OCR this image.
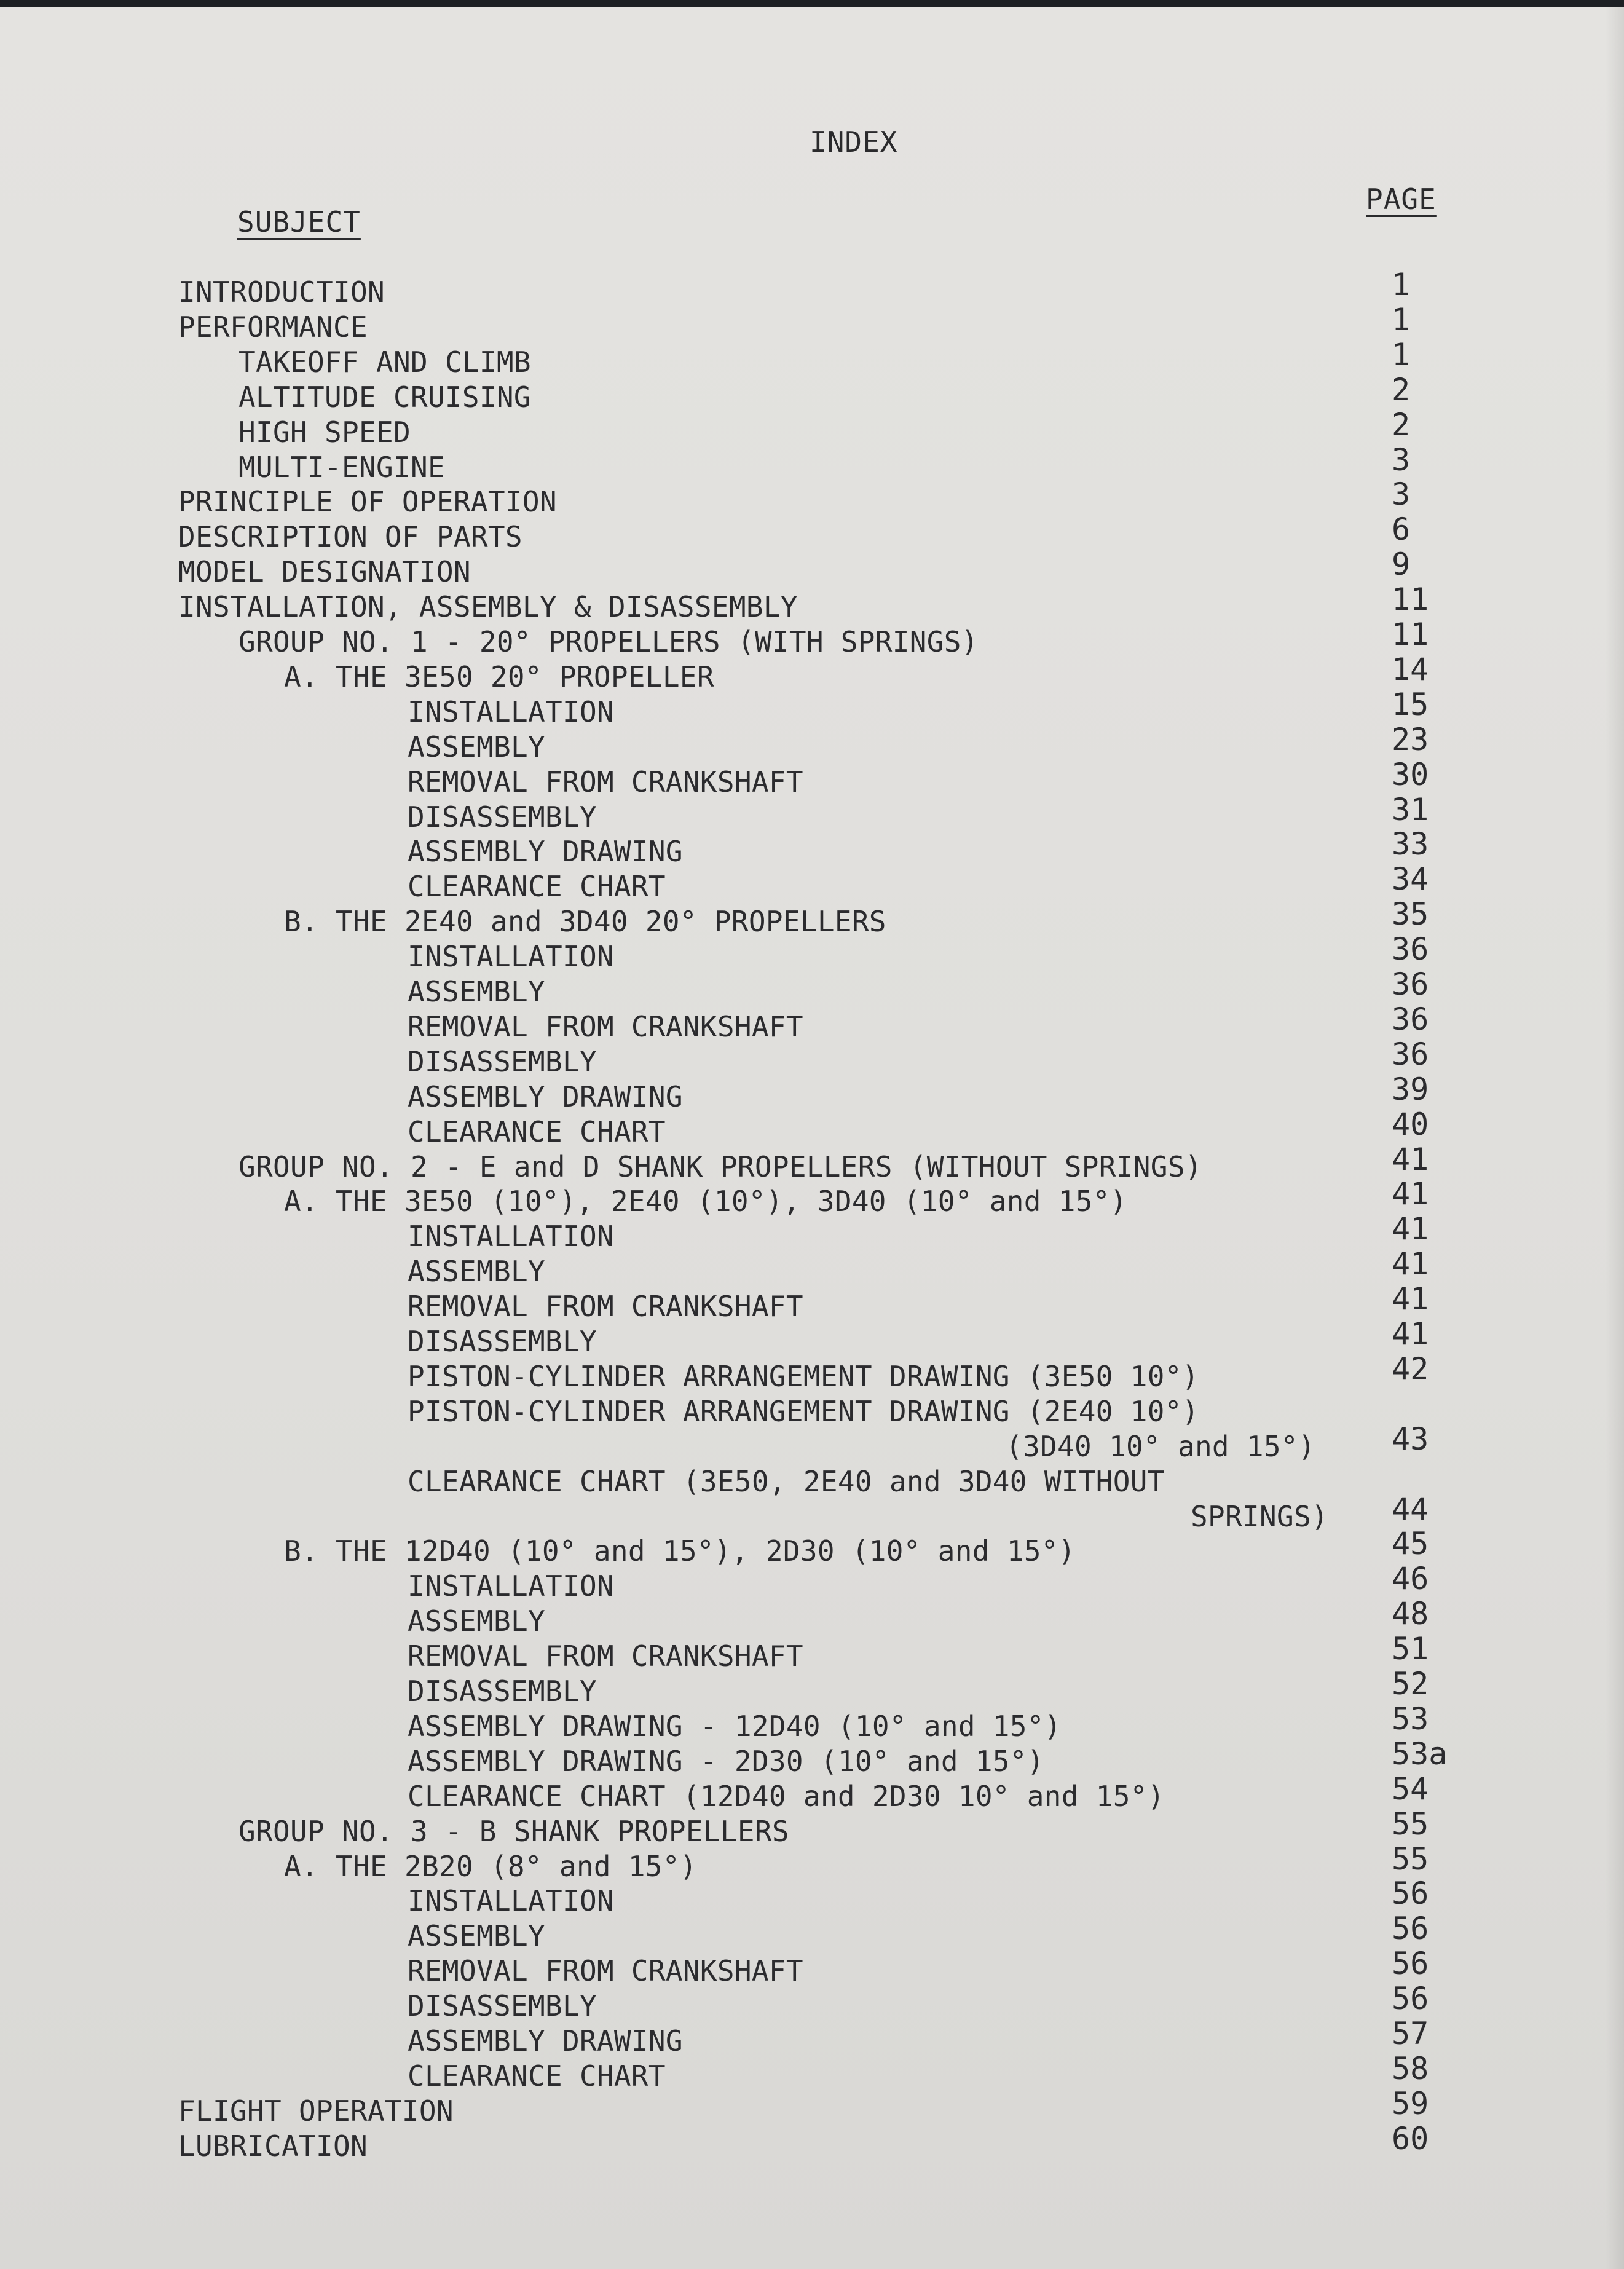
INDEX
SUBJECT
PAGE
INTRODUCTION	1
PERFORMANCE	1
TAKEOFF AND CLIMB	1
ALTITUDE CRUISING	2
HIGH SPEED	2
MULTI-ENGINE	3
PRINCIPLE OF OPERATION	3
DESCRIPTION OF PARTS	6
MODEL DESIGNATION	9
INSTALLATION, ASSEMBLY & DISASSEMBLY	11
GROUP NO. 1 - 20° PROPELLERS (WITH SPRINGS)	11
A. THE 3E50 20° PROPELLER	14
INSTALLATION	15
ASSEMBLY	23
REMOVAL FROM CRANKSHAFT	30
DISASSEMBLY	31
ASSEMBLY DRAWING	33
CLEARANCE CHART	34
B. THE 2E40 and 3D40 20° PROPELLERS	35
INSTALLATION	36
ASSEMBLY	36
REMOVAL FROM CRANKSHAFT	36
DISASSEMBLY	36
ASSEMBLY DRAWING	39
CLEARANCE CHART	40
GROUP NO. 2 - E and D SHANK PROPELLERS (WITHOUT SPRINGS)	41
A. THE 3E50 (10°), 2E40 (10°), 3D40 (10° and 15°)	41
INSTALLATION	41
ASSEMBLY	41
REMOVAL FROM CRANKSHAFT	41
DISASSEMBLY	41
PISTON-CYLINDER ARRANGEMENT DRAWING (3E50 10°)	42
PISTON-CYLINDER ARRANGEMENT DRAWING (2E40 10°)
(3D40 10° and 15°) 43
CLEARANCE CHART (3E50, 2E40 and 3D40 WITHOUT
SPRINGS) 44
B. THE 12D40 (10° and 15°), 2D30 (10° and 15°)	45
INSTALLATION	46
ASSEMBLY	48
REMOVAL FROM CRANKSHAFT	51
DISASSEMBLY	52
ASSEMBLY DRAWING - 12D40 (10° and 15°)	53
ASSEMBLY DRAWING - 2D30 (10° and 15°)	53a
CLEARANCE CHART (12D40 and 2D30 10° and 15°)	54
GROUP NO. 3 - B SHANK PROPELLERS	55
A. THE 2B20 (8° and 15°)	55
INSTALLATION	56
ASSEMBLY	56
REMOVAL FROM CRANKSHAFT	56
DISASSEMBLY	56
ASSEMBLY DRAWING	57
CLEARANCE CHART	58
FLIGHT OPERATION	59
LUBRICATION	60
